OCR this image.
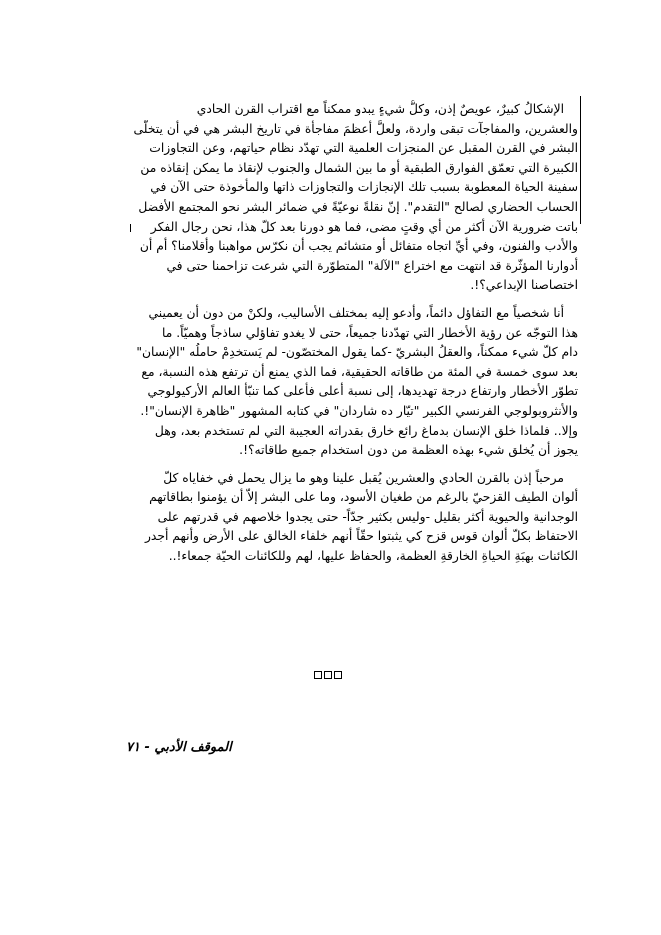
الإشكالُ كبيرٌ، عويصٌ إذن، وكلُّ شيءٍ يبدو ممكناً مع اقتراب القرن الحادي
والعشرين، والمفاجآت تبقى واردة، ولعلَّ أعظمَ مفاجأة في تاريخ البشر هي في أن يتخلّى
البشر في القرن المقبل عن المنجزات العلمية التي تهدّد نظام حياتهم، وعن التجاوزات
الكبيرة التي تعمّق الفوارق الطبقية أو ما بين الشمال والجنوب لإنقاذ ما يمكن إنقاذه من
سفينة الحياة المعطوبة بسبب تلك الإنجازات والتجاوزات ذاتها والمأخوذة حتى الآن في
الحساب الحضاري لصالح "التقدم". إنّ نقلةً نوعيّةً في ضمائر البشر نحو المجتمع الأفضل
باتت ضرورية الآن أكثر من أي وقتٍ مضى، فما هو دورنا بعد كلّ هذا، نحن رجال الفكر
والأدب والفنون، وفي أيِّ اتجاه متفائل أو متشائم يجب أن نكرّس مواهبنا وأقلامنا؟ أم أن
أدوارنا المؤثّرة قد انتهت مع اختراع "الآلة" المتطوّرة التي شرعت تزاحمنا حتى في
اختصاصنا الإبداعي؟!.
أنا شخصياً مع التفاؤل دائماً، وأدعو إليه بمختلف الأساليب، ولكنْ من دون أن يعميني
هذا التوجّه عن رؤية الأخطار التي تهدّدنا جميعاً، حتى لا يغدو تفاؤلي ساذجاً وهميّاً. ما
دام كلّ شيء ممكناً، والعقلُ البشريّ -كما يقول المختصّون- لم يَستخدِمْ حاملُه "الإنسان"
بعد سوى خمسة في المئة من طاقاته الحقيقية، فما الذي يمنع أن ترتفع هذه النسبة، مع
تطوّر الأخطار وارتفاع درجة تهديدها، إلى نسبة أعلى فأعلى كما تنبّأ العالم الأركيولوجي
والأنثروبولوجي الفرنسي الكبير "تيّار ده شاردان" في كتابه المشهور "ظاهرة الإنسان"!.
وإلا.. فلماذا خلق الإنسان بدماغ رائع خارق بقدراته العجيبة التي لم تستخدم بعد، وهل
يجوز أن يُخلق شيء بهذه العظمة من دون استخدام جميع طاقاته؟!.
مرحباً إذن بالقرن الحادي والعشرين يُقبل علينا وهو ما يزال يحمل في خفاياه كلّ
ألوان الطيف القزحيّ بالرغم من طغيان الأسود، وما على البشر إلاّ أن يؤمنوا بطاقاتهم
الوجدانية والحيوية أكثر بقليل -وليس بكثير جدّاً- حتى يجدوا خلاصهم في قدرتهم على
الاحتفاظ بكلّ ألوان قوس قزح كي يثبتوا حقّاً أنهم خلفاء الخالق على الأرض وأنهم أجدر
الكائنات بهبَةِ الحياةِ الخارقةِ العظمة، والحفاظ عليها، لهم وللكائنات الحيّة جمعاء!..
الموقف الأدبي - ٧١
